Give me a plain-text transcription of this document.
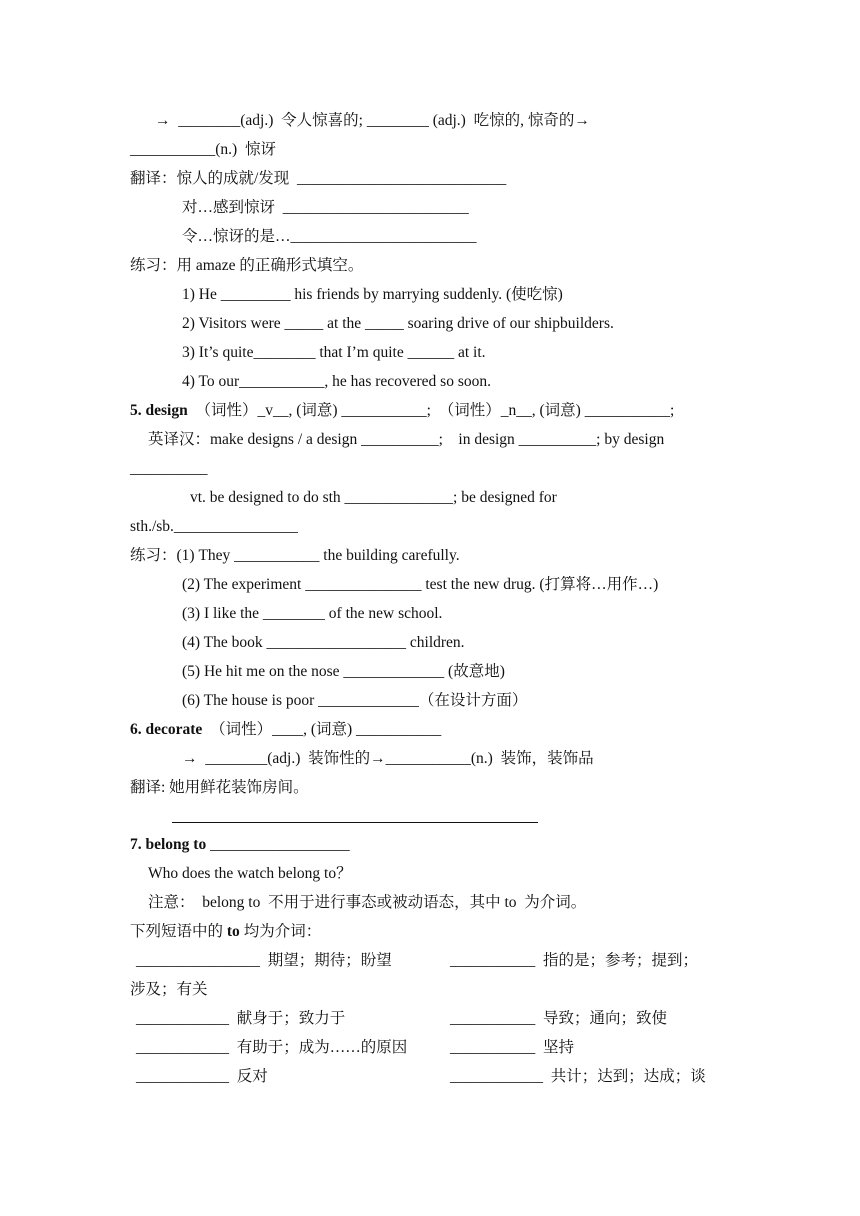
→  ________(adj.)  令人惊喜的; ________ (adj.)  吃惊的, 惊奇的→
___________(n.)  惊讶
翻译：惊人的成就/发现  ___________________________
对…感到惊讶  ________________________
令…惊讶的是…________________________
练习：用 amaze 的正确形式填空。
1) He _________ his friends by marrying suddenly. (使吃惊)
2) Visitors were _____ at the _____ soaring drive of our shipbuilders.
3) It’s quite________ that I’m quite ______ at it.
4) To our___________, he has recovered so soon.
5. design  （词性）_v__, (词意) ___________;  （词性）_n__, (词意) ___________;
英译汉：make designs / a design __________;    in design __________; by design
__________
vt. be designed to do sth ______________; be designed for
sth./sb.________________
练习：(1) They ___________ the building carefully.
(2) The experiment _______________ test the new drug. (打算将…用作…)
(3) I like the ________ of the new school.
(4) The book __________________ children.
(5) He hit me on the nose _____________ (故意地)
(6) The house is poor _____________（在设计方面）
6. decorate  （词性）____, (词意) ___________
→  ________(adj.)  装饰性的→___________(n.)  装饰，装饰品
翻译: 她用鲜花装饰房间。
7. belong to __________________
Who does the watch belong to？
注意：  belong to  不用于进行事态或被动语态，其中 to  为介词。
下列短语中的 to 均为介词：
________________  期望；期待；盼望	___________  指的是；参考；提到；
涉及；有关
____________  献身于；致力于	___________  导致；通向；致使
____________  有助于；成为……的原因	___________  坚持
____________  反对	____________  共计；达到；达成；谈
